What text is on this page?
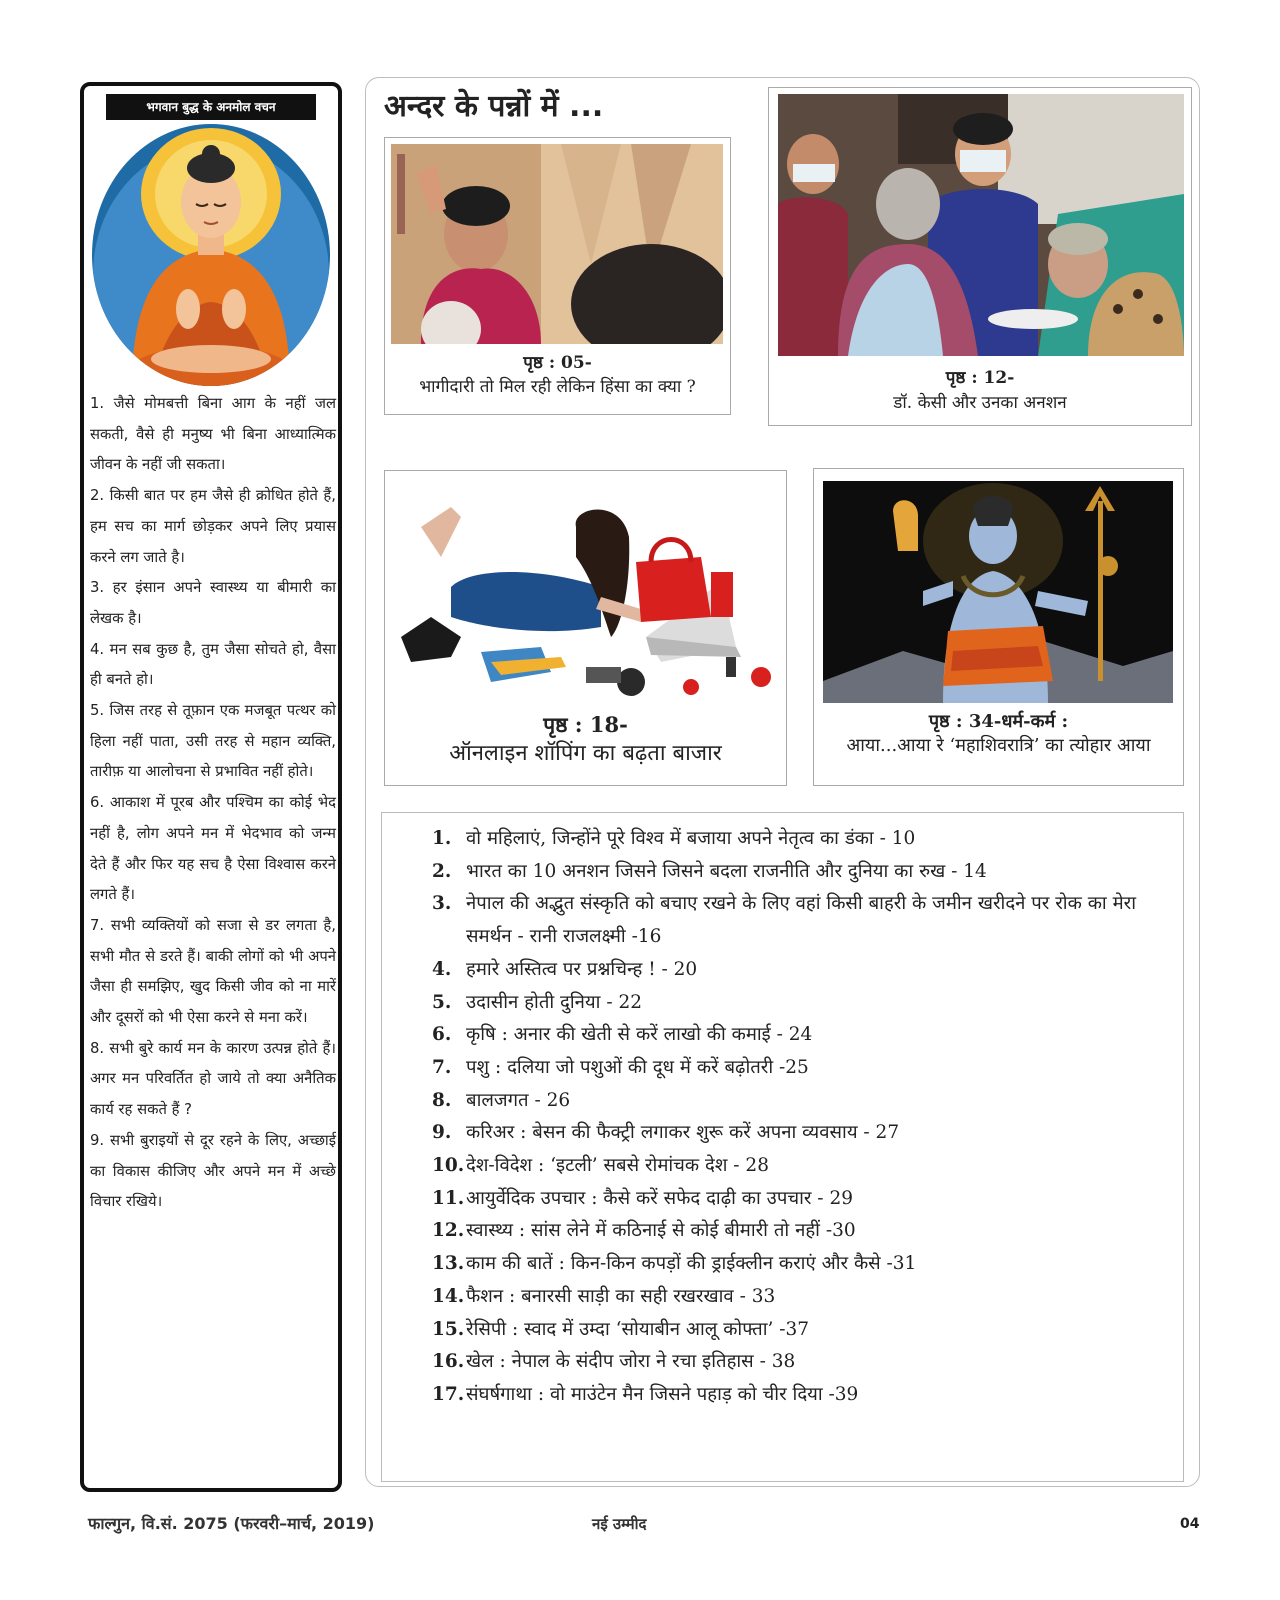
भगवान बुद्ध के अनमोल वचन
1. जैसे मोमबत्ती बिना आग के नहीं जल सकती, वैसे ही मनुष्य भी बिना आध्यात्मिक जीवन के नहीं जी सकता।
2. किसी बात पर हम जैसे ही क्रोधित होते हैं, हम सच का मार्ग छोड़कर अपने लिए प्रयास करने लग जाते है।
3. हर इंसान अपने स्वास्थ्य या बीमारी का लेखक है।
4. मन सब कुछ है, तुम जैसा सोचते हो, वैसा ही बनते हो।
5. जिस तरह से तूफ़ान एक मजबूत पत्थर को हिला नहीं पाता, उसी तरह से महान व्यक्ति, तारीफ़ या आलोचना से प्रभावित नहीं होते।
6. आकाश में पूरब और पश्चिम का कोई भेद नहीं है, लोग अपने मन में भेदभाव को जन्म देते हैं और फिर यह सच है ऐसा विश्वास करने लगते हैं।
7. सभी व्यक्तियों को सजा से डर लगता है, सभी मौत से डरते हैं। बाकी लोगों को भी अपने जैसा ही समझिए, खुद किसी जीव को ना मारें और दूसरों को भी ऐसा करने से मना करें।
8. सभी बुरे कार्य मन के कारण उत्पन्न होते हैं। अगर मन परिवर्तित हो जाये तो क्या अनैतिक कार्य रह सकते हैं ?
9. सभी बुराइयों से दूर रहने के लिए, अच्छाई का विकास कीजिए और अपने मन में अच्छे विचार रखिये।
अन्दर के पन्नों में ...
पृष्ठ : 05-
भागीदारी तो मिल रही लेकिन हिंसा का क्या ?	पृष्ठ : 12-
डॉ. केसी और उनका अनशन
पृष्ठ : 18-
ऑनलाइन शॉपिंग का बढ़ता बाजार
पृष्ठ : 34-धर्म-कर्म :
आया...आया रे ‘महाशिवरात्रि’ का त्योहार आया
1. वो महिलाएं, जिन्होंने पूरे विश्व में बजाया अपने नेतृत्व का डंका - 10
2. भारत का 10 अनशन जिसने जिसने बदला राजनीति और दुनिया का रुख - 14
3. नेपाल की अद्भुत संस्कृति को बचाए रखने के लिए वहां किसी बाहरी के जमीन खरीदने पर रोक का मेरा समर्थन - रानी राजलक्ष्मी -16
4. हमारे अस्तित्व पर प्रश्नचिन्ह ! - 20
5. उदासीन होती दुनिया - 22
6. कृषि : अनार की खेती से करें लाखो की कमाई - 24
7. पशु : दलिया जो पशुओं की दूध में करें बढ़ोतरी -25
8. बालजगत - 26
9. करिअर : बेसन की फैक्ट्री लगाकर शुरू करें अपना व्यवसाय - 27
10.देश-विदेश : ‘इटली’ सबसे रोमांचक देश - 28
11.आयुर्वेदिक उपचार : कैसे करें सफेद दाढ़ी का उपचार - 29
12.स्वास्थ्य : सांस लेने में कठिनाई से कोई बीमारी तो नहीं -30
13.काम की बातें : किन-किन कपड़ों की ड्राईक्लीन कराएं और कैसे -31
14.फैशन : बनारसी साड़ी का सही रखरखाव - 33
15.रेसिपी : स्वाद में उम्दा ‘सोयाबीन आलू कोफ्ता’ -37
16.खेल : नेपाल के संदीप जोरा ने रचा इतिहास - 38
17.संघर्षगाथा : वो माउंटेन मैन जिसने पहाड़ को चीर दिया -39
फाल्गुन, वि.सं. 2075 (फरवरी–मार्च, 2019)	नई उम्मीद	04
